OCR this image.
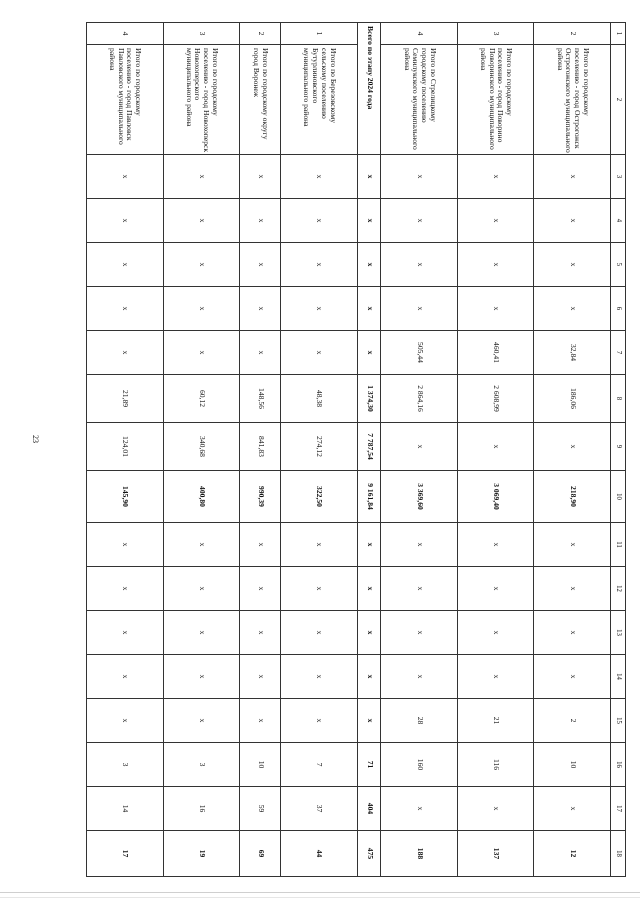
23
1	2	3	4	5	6	7	8	9	10	11	12	13	14	15	16	17	18
2	Итого по городскому поселению - город Острогожск Острогожского муниципального района	x	x	x	x	32,84	186,06	x	218,90	x	x	x	x	2	10	x	12
3	Итого по городскому поселению - город Поворино Поворинского муниципального района	x	x	x	x	460,41	2 608,99	x	3 069,40	x	x	x	x	21	116	x	137
4	Итого по Стрелицкому городскому поселению Семилукского муниципального района	x	x	x	x	505,44	2 864,16	x	3 369,60	x	x	x	x	28	160	x	188
Всего по этапу 2024 года		x	x	x	x	x	1 374,30	7 787,54	9 161,84	x	x	x	x	x	71	404	475
1	Итого по Березовскому сельскому поселению Бутурлиновского муниципального района	x	x	x	x	x	48,38	274,12	322,50	x	x	x	x	x	7	37	44
2	Итого по городскому округу город Воронеж	x	x	x	x	x	148,56	841,83	990,39	x	x	x	x	x	10	59	69
3	Итого по городскому поселению - город Новохоперск Новохоперского муниципального района	x	x	x	x	x	60,12	340,68	400,80	x	x	x	x	x	3	16	19
4	Итого по городскому поселению - город Павловск Павловского муниципального района	x	x	x	x	x	21,89	124,01	145,90	x	x	x	x	x	3	14	17
